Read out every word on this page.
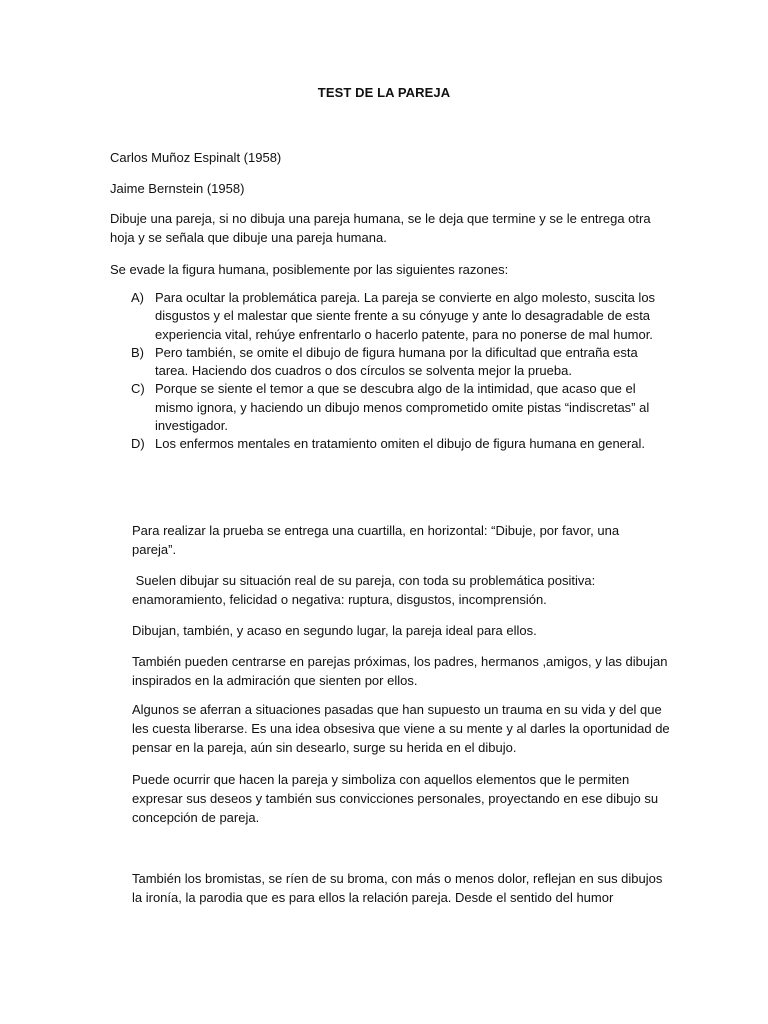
TEST DE LA PAREJA
Carlos Muñoz Espinalt (1958)
Jaime Bernstein (1958)
Dibuje una pareja, si no dibuja una pareja humana, se le deja que termine y se le entrega otra hoja y se señala que dibuje una pareja humana.
Se evade la figura humana, posiblemente por las siguientes razones:
A) Para ocultar la problemática pareja. La pareja se convierte en algo molesto, suscita los disgustos y el malestar que siente frente a su cónyuge y ante lo desagradable de esta experiencia vital, rehúye enfrentarlo o hacerlo patente, para no ponerse de mal humor.
B) Pero también, se omite el dibujo de figura humana por la dificultad que entraña esta tarea. Haciendo dos cuadros o dos círculos se solventa mejor la prueba.
C) Porque se siente el temor a que se descubra algo de la intimidad, que acaso que el mismo ignora, y haciendo un dibujo menos comprometido omite pistas “indiscretas” al investigador.
D) Los enfermos mentales en tratamiento omiten el dibujo de figura humana en general.
Para realizar la prueba se entrega una cuartilla, en horizontal: “Dibuje, por favor, una pareja”.
Suelen dibujar su situación real de su pareja, con toda su problemática positiva: enamoramiento, felicidad o negativa: ruptura, disgustos, incomprensión.
Dibujan, también, y acaso en segundo lugar, la pareja ideal para ellos.
También pueden centrarse en parejas próximas, los padres, hermanos ,amigos, y las dibujan inspirados en la admiración que sienten por ellos.
Algunos se aferran a situaciones pasadas que han supuesto un trauma en su vida y del que les cuesta liberarse. Es una idea obsesiva que viene a su mente y al darles la oportunidad de pensar en la pareja, aún sin desearlo, surge su herida en el dibujo.
Puede ocurrir que hacen la pareja y simboliza con aquellos elementos que le permiten expresar sus deseos y también sus convicciones personales, proyectando en ese dibujo su concepción de pareja.
También los bromistas, se ríen de su broma, con más o menos dolor, reflejan en sus dibujos la ironía, la parodia que es para ellos la relación pareja. Desde el sentido del humor
